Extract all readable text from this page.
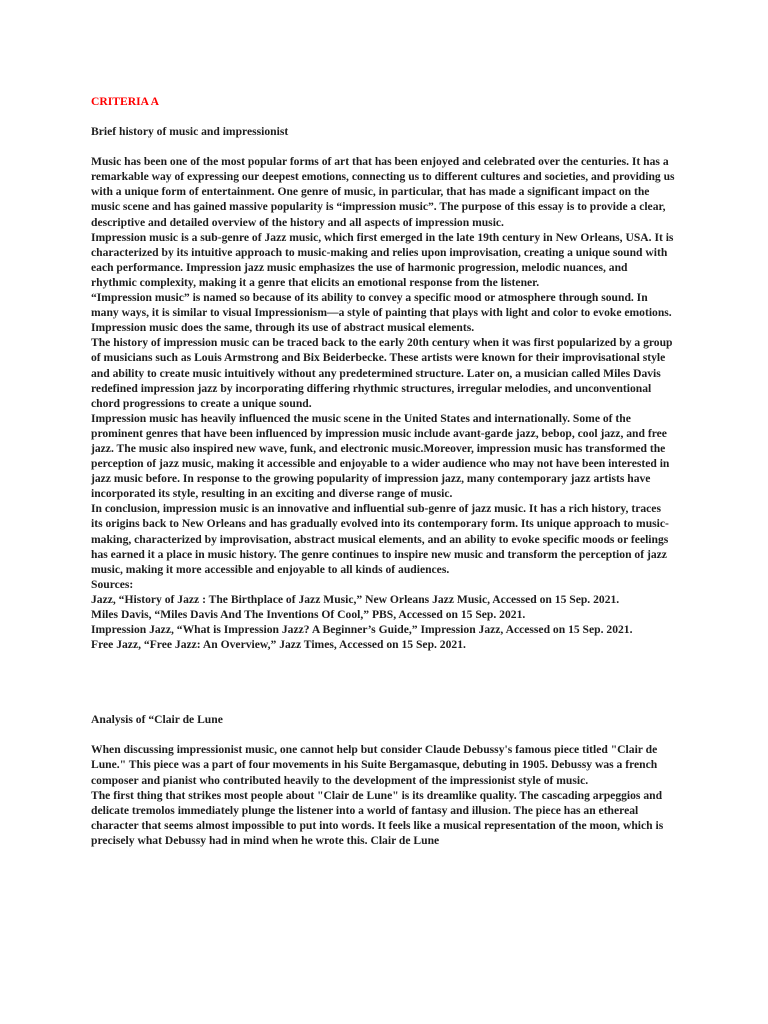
CRITERIA A

Brief history of music and impressionist

Music has been one of the most popular forms of art that has been enjoyed and celebrated over the centuries. It has a remarkable way of expressing our deepest emotions, connecting us to different cultures and societies, and providing us with a unique form of entertainment. One genre of music, in particular, that has made a significant impact on the music scene and has gained massive popularity is “impression music”. The purpose of this essay is to provide a clear, descriptive and detailed overview of the history and all aspects of impression music.

Impression music is a sub-genre of Jazz music, which first emerged in the late 19th century in New Orleans, USA. It is characterized by its intuitive approach to music-making and relies upon improvisation, creating a unique sound with each performance. Impression jazz music emphasizes the use of harmonic progression, melodic nuances, and rhythmic complexity, making it a genre that elicits an emotional response from the listener.

“Impression music” is named so because of its ability to convey a specific mood or atmosphere through sound. In many ways, it is similar to visual Impressionism—a style of painting that plays with light and color to evoke emotions. Impression music does the same, through its use of abstract musical elements.

The history of impression music can be traced back to the early 20th century when it was first popularized by a group of musicians such as Louis Armstrong and Bix Beiderbecke. These artists were known for their improvisational style and ability to create music intuitively without any predetermined structure. Later on, a musician called Miles Davis redefined impression jazz by incorporating differing rhythmic structures, irregular melodies, and unconventional chord progressions to create a unique sound.

Impression music has heavily influenced the music scene in the United States and internationally. Some of the prominent genres that have been influenced by impression music include avant-garde jazz, bebop, cool jazz, and free jazz. The music also inspired new wave, funk, and electronic music.Moreover, impression music has transformed the perception of jazz music, making it accessible and enjoyable to a wider audience who may not have been interested in jazz music before. In response to the growing popularity of impression jazz, many contemporary jazz artists have incorporated its style, resulting in an exciting and diverse range of music.

In conclusion, impression music is an innovative and influential sub-genre of jazz music. It has a rich history, traces its origins back to New Orleans and has gradually evolved into its contemporary form. Its unique approach to music-making, characterized by improvisation, abstract musical elements, and an ability to evoke specific moods or feelings has earned it a place in music history. The genre continues to inspire new music and transform the perception of jazz music, making it more accessible and enjoyable to all kinds of audiences.

Sources:

Jazz, “History of Jazz : The Birthplace of Jazz Music,” New Orleans Jazz Music, Accessed on 15 Sep. 2021.

Miles Davis, “Miles Davis And The Inventions Of Cool,” PBS, Accessed on 15 Sep. 2021.

Impression Jazz, “What is Impression Jazz? A Beginner’s Guide,” Impression Jazz, Accessed on 15 Sep. 2021.

Free Jazz, “Free Jazz: An Overview,” Jazz Times, Accessed on 15 Sep. 2021.

Analysis of “Clair de Lune

When discussing impressionist music, one cannot help but consider Claude Debussy's famous piece titled "Clair de Lune." This piece was a part of four movements in his Suite Bergamasque, debuting in 1905. Debussy was a french composer and pianist who contributed heavily to the development of the impressionist style of music.

The first thing that strikes most people about "Clair de Lune" is its dreamlike quality. The cascading arpeggios and delicate tremolos immediately plunge the listener into a world of fantasy and illusion. The piece has an ethereal character that seems almost impossible to put into words. It feels like a musical representation of the moon, which is precisely what Debussy had in mind when he wrote this. Clair de Lune
